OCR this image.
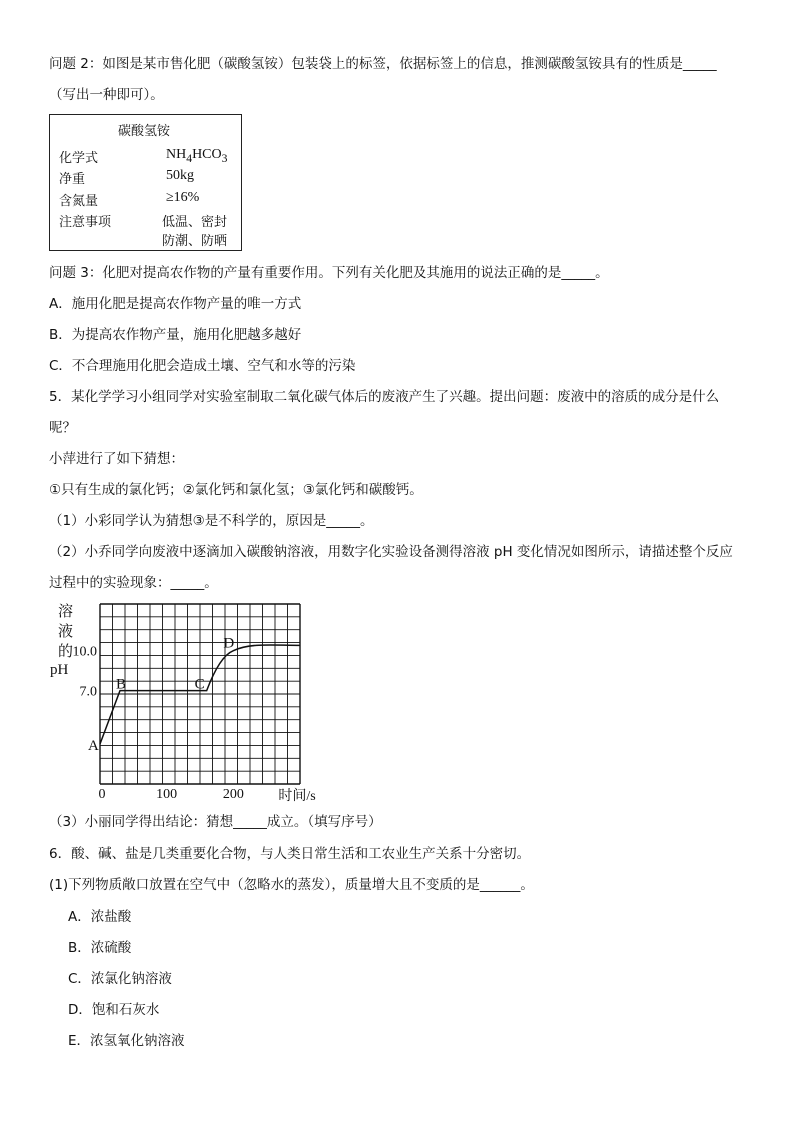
问题 2：如图是某市售化肥（碳酸氢铵）包装袋上的标签，依据标签上的信息，推测碳酸氢铵具有的性质是_____
（写出一种即可）。
碳酸氢铵
化学式	$NH_4HCO_3$
净重	50kg
含氮量	≥16%
注意事项	低温、密封
防潮、防晒
问题 3：化肥对提高农作物的产量有重要作用。下列有关化肥及其施用的说法正确的是_____。
A．施用化肥是提高农作物产量的唯一方式
B．为提高农作物产量，施用化肥越多越好
C．不合理施用化肥会造成土壤、空气和水等的污染
5．某化学学习小组同学对实验室制取二氧化碳气体后的废液产生了兴趣。提出问题：废液中的溶质的成分是什么
呢？
小萍进行了如下猜想：
①只有生成的氯化钙；②氯化钙和氯化氢；③氯化钙和碳酸钙。
（1）小彩同学认为猜想③是不科学的，原因是_____。
（2）小乔同学向废液中逐滴加入碳酸钠溶液，用数字化实验设备测得溶液 pH 变化情况如图所示，请描述整个反应
过程中的实验现象：_____。
溶
液
的
pH
7.0
10.0
0	100	200 时间/s
A
B	C
D
（3）小丽同学得出结论：猜想_____成立。（填写序号）
6．酸、碱、盐是几类重要化合物，与人类日常生活和工农业生产关系十分密切。
(1)下列物质敞口放置在空气中（忽略水的蒸发），质量增大且不变质的是______。
A．浓盐酸
B．浓硫酸
C．浓氯化钠溶液
D．饱和石灰水
E．浓氢氧化钠溶液
